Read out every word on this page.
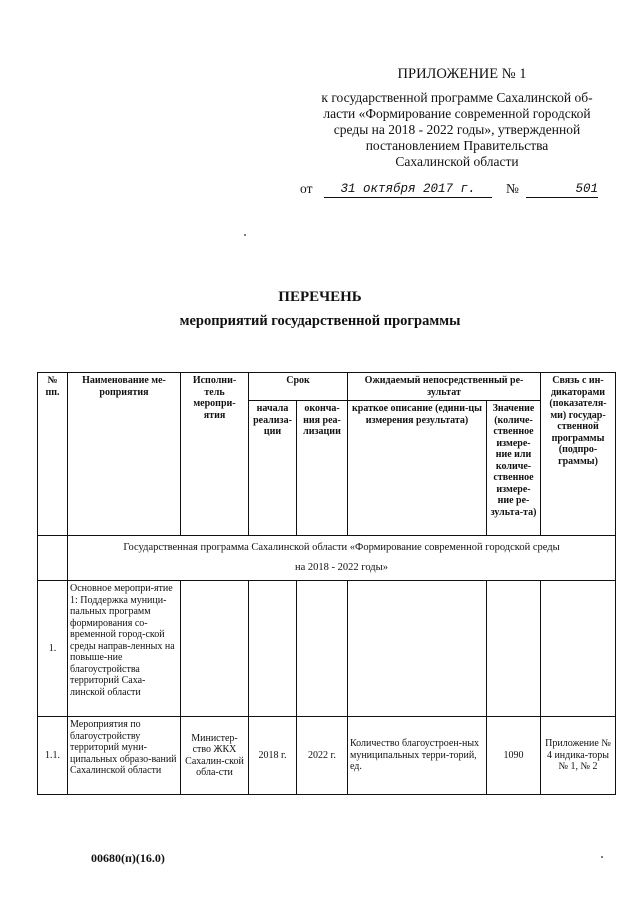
ПРИЛОЖЕНИЕ № 1
к государственной программе Сахалинской об-
ласти «Формирование современной городской
среды на 2018 - 2022 годы», утвержденной
постановлением Правительства
Сахалинской области
от	31 октября 2017 г.	№	501
ПЕРЕЧЕНЬ
мероприятий государственной программы
№ пп.	Наименование ме-роприятия	Исполни-тель меропри-ятия	Срок		Ожидаемый непосредственный ре-зультат		Связь с ин-дикаторами (показателя-ми) государ-ственной программы (подпро-граммы)
			начала реализа-ции	оконча-ния реа-лизации	краткое описание (едини-цы измерения результата)	Значение (количе-ственное измере-ние или количе-ственное измере-ние ре-зульта-та)	

	Государственная программа Сахалинской области «Формирование современной городской среды
на 2018 - 2022 годы»						

1.	Основное меропри-ятие 1: Поддержка муници-пальных программ формирования со-временной город-ской среды направ-ленных на повыше-ние благоустройства территорий Саха-линской области						
1.1.	Мероприятия по благоустройству территорий муни-ципальных образо-ваний Сахалинской области	Министер-ство ЖКХ Сахалин-ской обла-сти	2018 г.	2022 г.	Количество благоустроен-ных муниципальных терри-торий, ед.	1090	Приложение № 4 индика-торы № 1, № 2
00680(п)(16.0)
